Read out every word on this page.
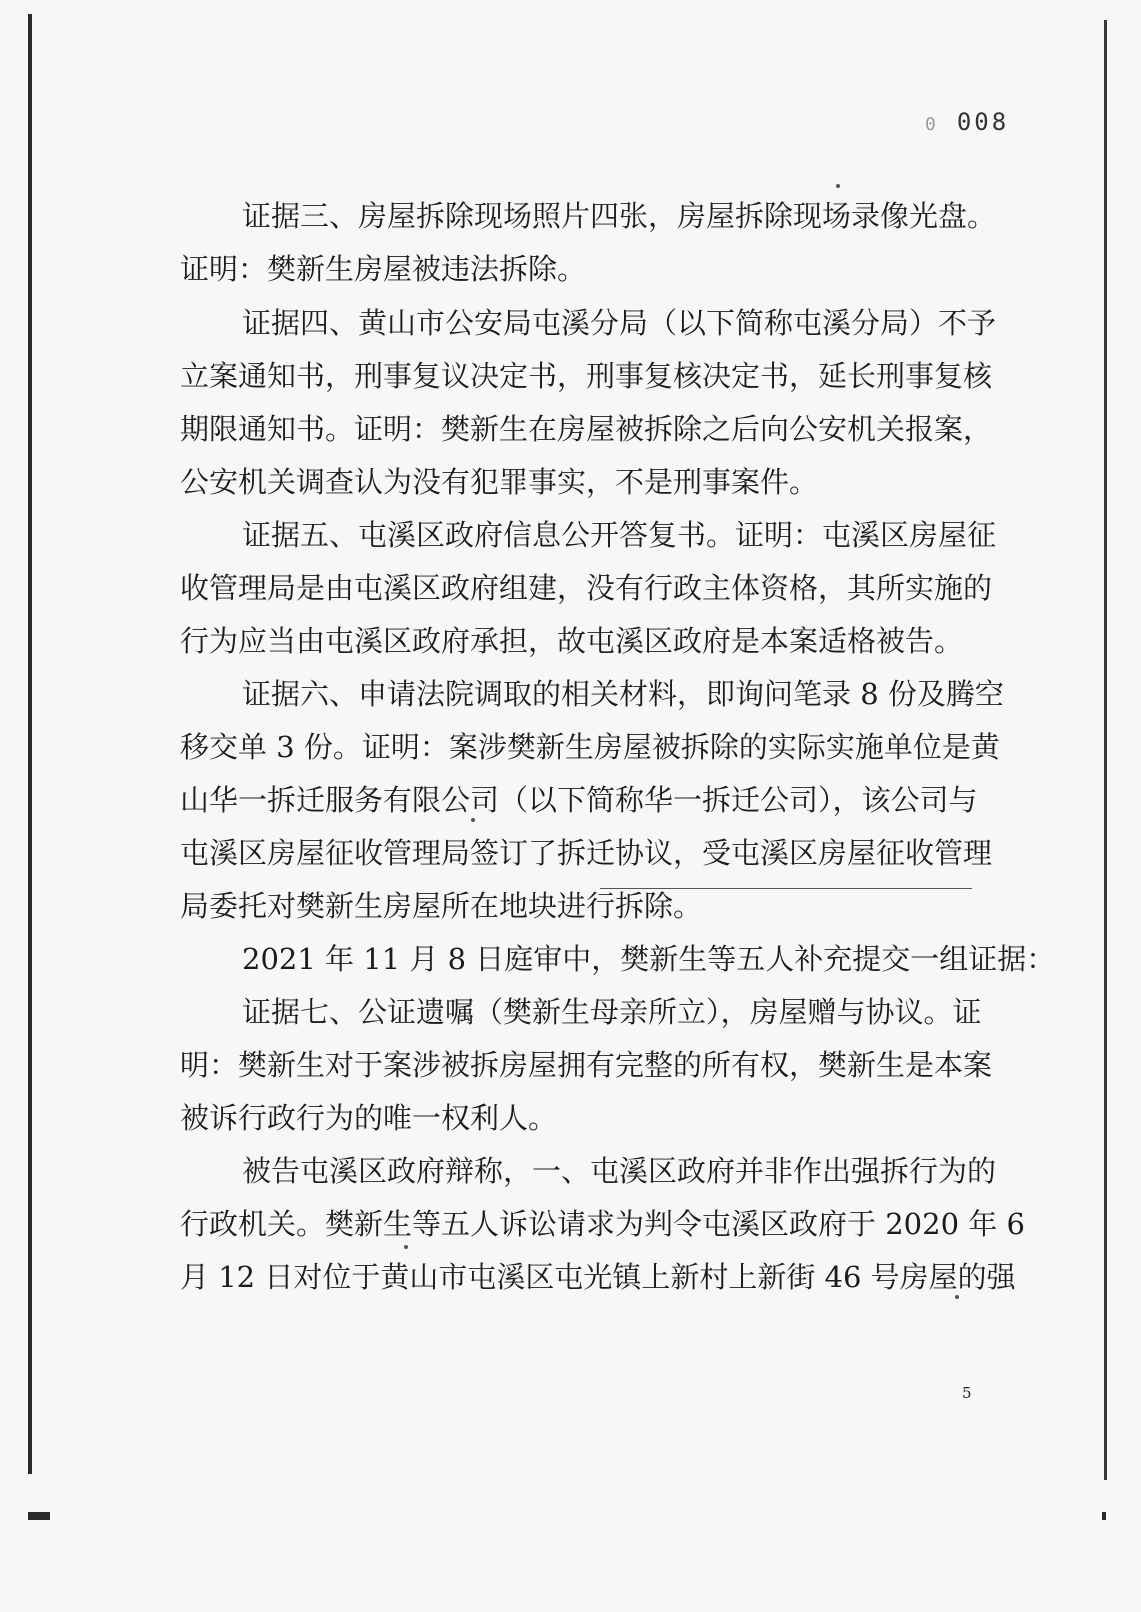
0 008
证据三、房屋拆除现场照片四张，房屋拆除现场录像光盘。
证明：樊新生房屋被违法拆除。
证据四、黄山市公安局屯溪分局（以下简称屯溪分局）不予
立案通知书，刑事复议决定书，刑事复核决定书，延长刑事复核
期限通知书。证明：樊新生在房屋被拆除之后向公安机关报案，
公安机关调查认为没有犯罪事实，不是刑事案件。
证据五、屯溪区政府信息公开答复书。证明：屯溪区房屋征
收管理局是由屯溪区政府组建，没有行政主体资格，其所实施的
行为应当由屯溪区政府承担，故屯溪区政府是本案适格被告。
证据六、申请法院调取的相关材料，即询问笔录 8 份及腾空
移交单 3 份。证明：案涉樊新生房屋被拆除的实际实施单位是黄
山华一拆迁服务有限公司（以下简称华一拆迁公司），该公司与
屯溪区房屋征收管理局签订了拆迁协议，受屯溪区房屋征收管理
局委托对樊新生房屋所在地块进行拆除。
2021 年 11 月 8 日庭审中，樊新生等五人补充提交一组证据：
证据七、公证遗嘱（樊新生母亲所立），房屋赠与协议。证
明：樊新生对于案涉被拆房屋拥有完整的所有权，樊新生是本案
被诉行政行为的唯一权利人。
被告屯溪区政府辩称，一、屯溪区政府并非作出强拆行为的
行政机关。樊新生等五人诉讼请求为判令屯溪区政府于 2020 年 6
月 12 日对位于黄山市屯溪区屯光镇上新村上新街 46 号房屋的强
5
